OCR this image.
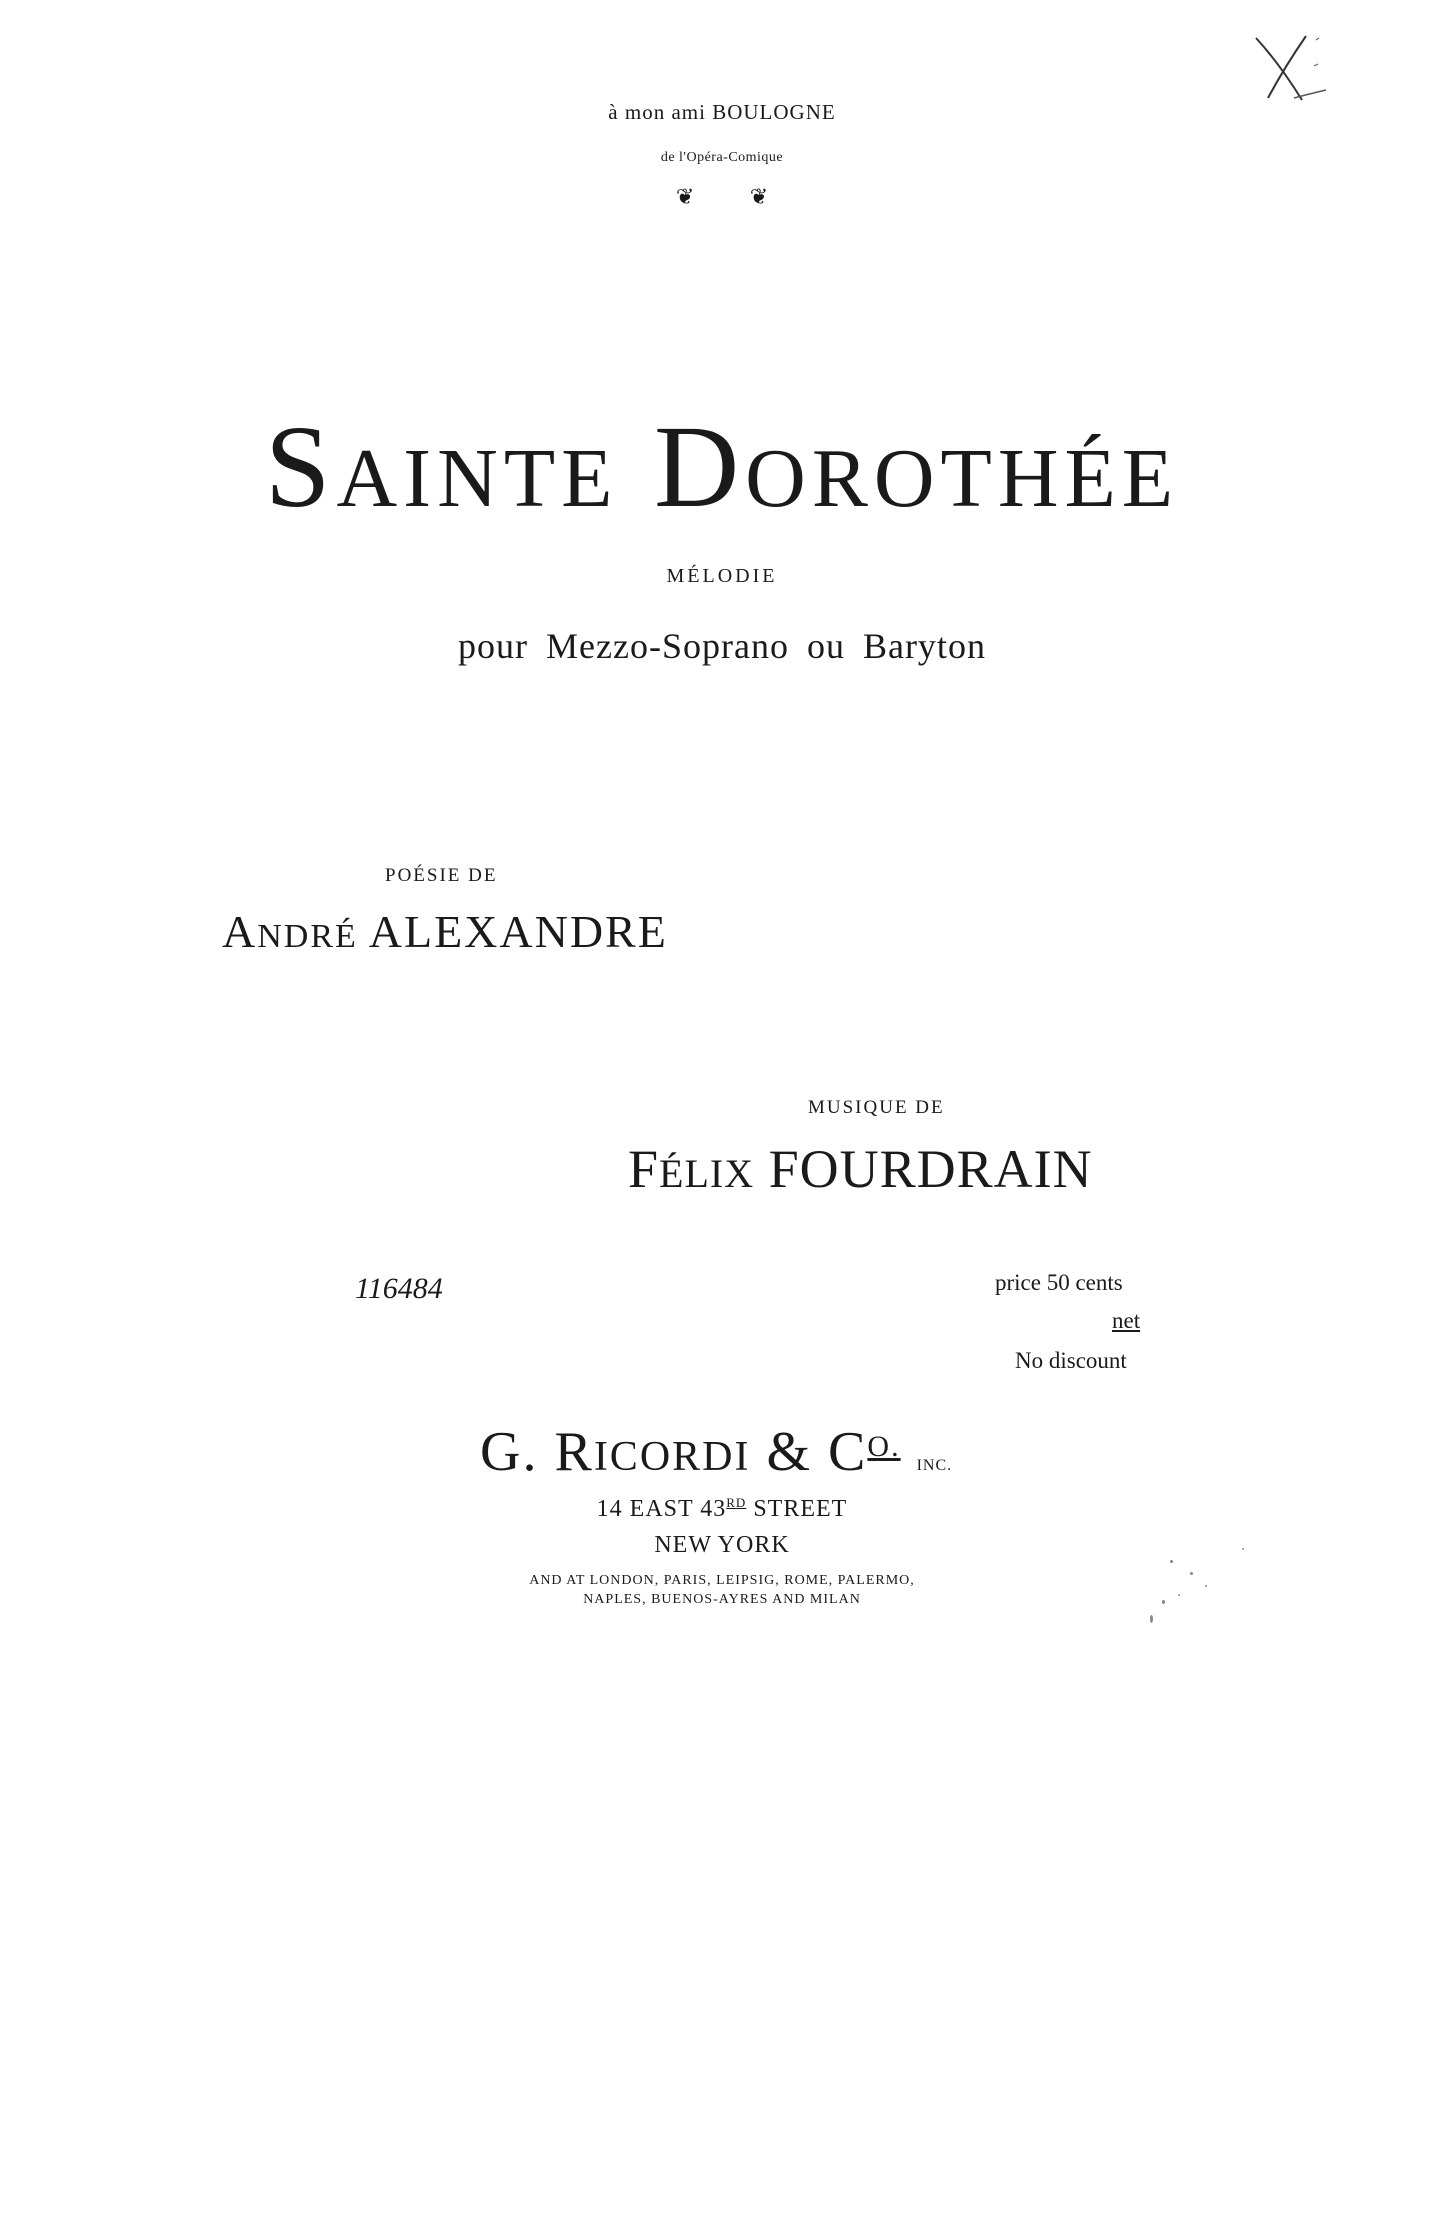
à mon ami BOULOGNE
de l'Opéra-Comique
❦	❦
SAINTE DOROTHÉE
MÉLODIE
pour Mezzo-Soprano ou Baryton
POÉSIE DE
ANDRÉ ALEXANDRE
MUSIQUE DE
FÉLIX FOURDRAIN
116484	price 50 cents
net
No discount
G. RICORDI & $C^{O.}$ INC.
14 EAST 43RD STREET
NEW YORK
AND AT LONDON, PARIS, LEIPSIG, ROME, PALERMO,
NAPLES, BUENOS-AYRES AND MILAN
